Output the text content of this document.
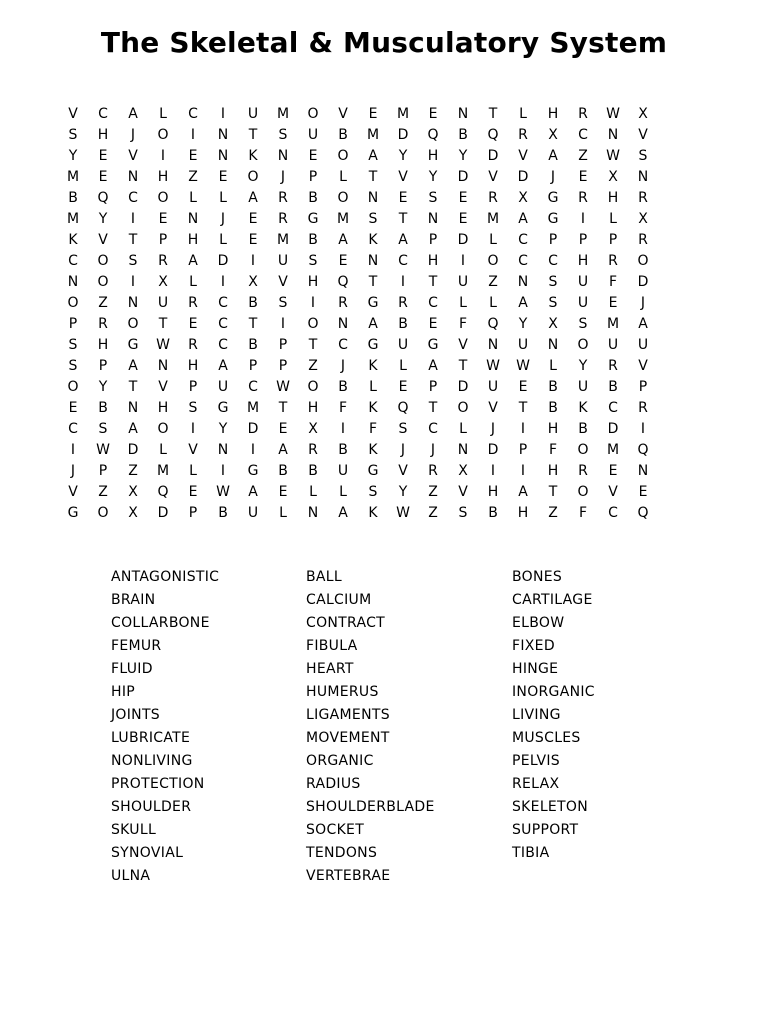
The Skeletal & Musculatory System
V	C	A	L	C	I	U	M	O	V	E	M	E	N	T	L	H	R	W	X
S	H	J	O	I	N	T	S	U	B	M	D	Q	B	Q	R	X	C	N	V
Y	E	V	I	E	N	K	N	E	O	A	Y	H	Y	D	V	A	Z	W	S
M	E	N	H	Z	E	O	J	P	L	T	V	Y	D	V	D	J	E	X	N
B	Q	C	O	L	L	A	R	B	O	N	E	S	E	R	X	G	R	H	R
M	Y	I	E	N	J	E	R	G	M	S	T	N	E	M	A	G	I	L	X
K	V	T	P	H	L	E	M	B	A	K	A	P	D	L	C	P	P	P	R
C	O	S	R	A	D	I	U	S	E	N	C	H	I	O	C	C	H	R	O
N	O	I	X	L	I	X	V	H	Q	T	I	T	U	Z	N	S	U	F	D
O	Z	N	U	R	C	B	S	I	R	G	R	C	L	L	A	S	U	E	J
P	R	O	T	E	C	T	I	O	N	A	B	E	F	Q	Y	X	S	M	A
S	H	G	W	R	C	B	P	T	C	G	U	G	V	N	U	N	O	U	U
S	P	A	N	H	A	P	P	Z	J	K	L	A	T	W	W	L	Y	R	V
O	Y	T	V	P	U	C	W	O	B	L	E	P	D	U	E	B	U	B	P
E	B	N	H	S	G	M	T	H	F	K	Q	T	O	V	T	B	K	C	R
C	S	A	O	I	Y	D	E	X	I	F	S	C	L	J	I	H	B	D	I
I	W	D	L	V	N	I	A	R	B	K	J	J	N	D	P	F	O	M	Q
J	P	Z	M	L	I	G	B	B	U	G	V	R	X	I	I	H	R	E	N
V	Z	X	Q	E	W	A	E	L	L	S	Y	Z	V	H	A	T	O	V	E
G	O	X	D	P	B	U	L	N	A	K	W	Z	S	B	H	Z	F	C	Q
ANTAGONISTIC	BALL	BONES
BRAIN	CALCIUM	CARTILAGE
COLLARBONE	CONTRACT	ELBOW
FEMUR	FIBULA	FIXED
FLUID	HEART	HINGE
HIP	HUMERUS	INORGANIC
JOINTS	LIGAMENTS	LIVING
LUBRICATE	MOVEMENT	MUSCLES
NONLIVING	ORGANIC	PELVIS
PROTECTION	RADIUS	RELAX
SHOULDER	SHOULDERBLADE	SKELETON
SKULL	SOCKET	SUPPORT
SYNOVIAL	TENDONS	TIBIA
ULNA	VERTEBRAE
